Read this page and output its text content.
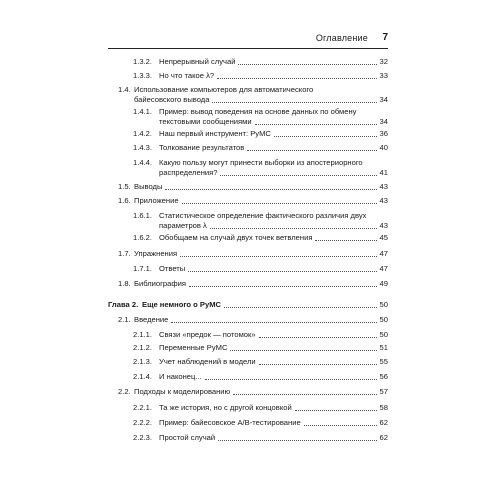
Оглавление 7
1.3.2. Непрерывный случай	32
1.3.3. Но что такое λ?	33
1.4. Использование компьютеров для автоматического
байесовского вывода	34
1.4.1. Пример: вывод поведения на основе данных по обмену
текстовыми сообщениями	34
1.4.2. Наш первый инструмент: PyMC	36
1.4.3. Толкование результатов	40
1.4.4. Какую пользу могут принести выборки из апостериорного
распределения?	41
1.5. Выводы	43
1.6. Приложение	43
1.6.1. Статистическое определение фактического различия двух
параметров λ	43
1.6.2. Обобщаем на случай двух точек ветвления	45
1.7. Упражнения	47
1.7.1. Ответы	47
1.8. Библиография	49
Глава 2. Еще немного о PyMC	50
2.1. Введение	50
2.1.1. Связи «предок — потомок»	50
2.1.2. Переменные PyMC	51
2.1.3. Учет наблюдений в модели	55
2.1.4. И наконец...	56
2.2. Подходы к моделированию	57
2.2.1. Та же история, но с другой концовкой	58
2.2.2. Пример: байесовское A/B-тестирование	62
2.2.3. Простой случай	62
